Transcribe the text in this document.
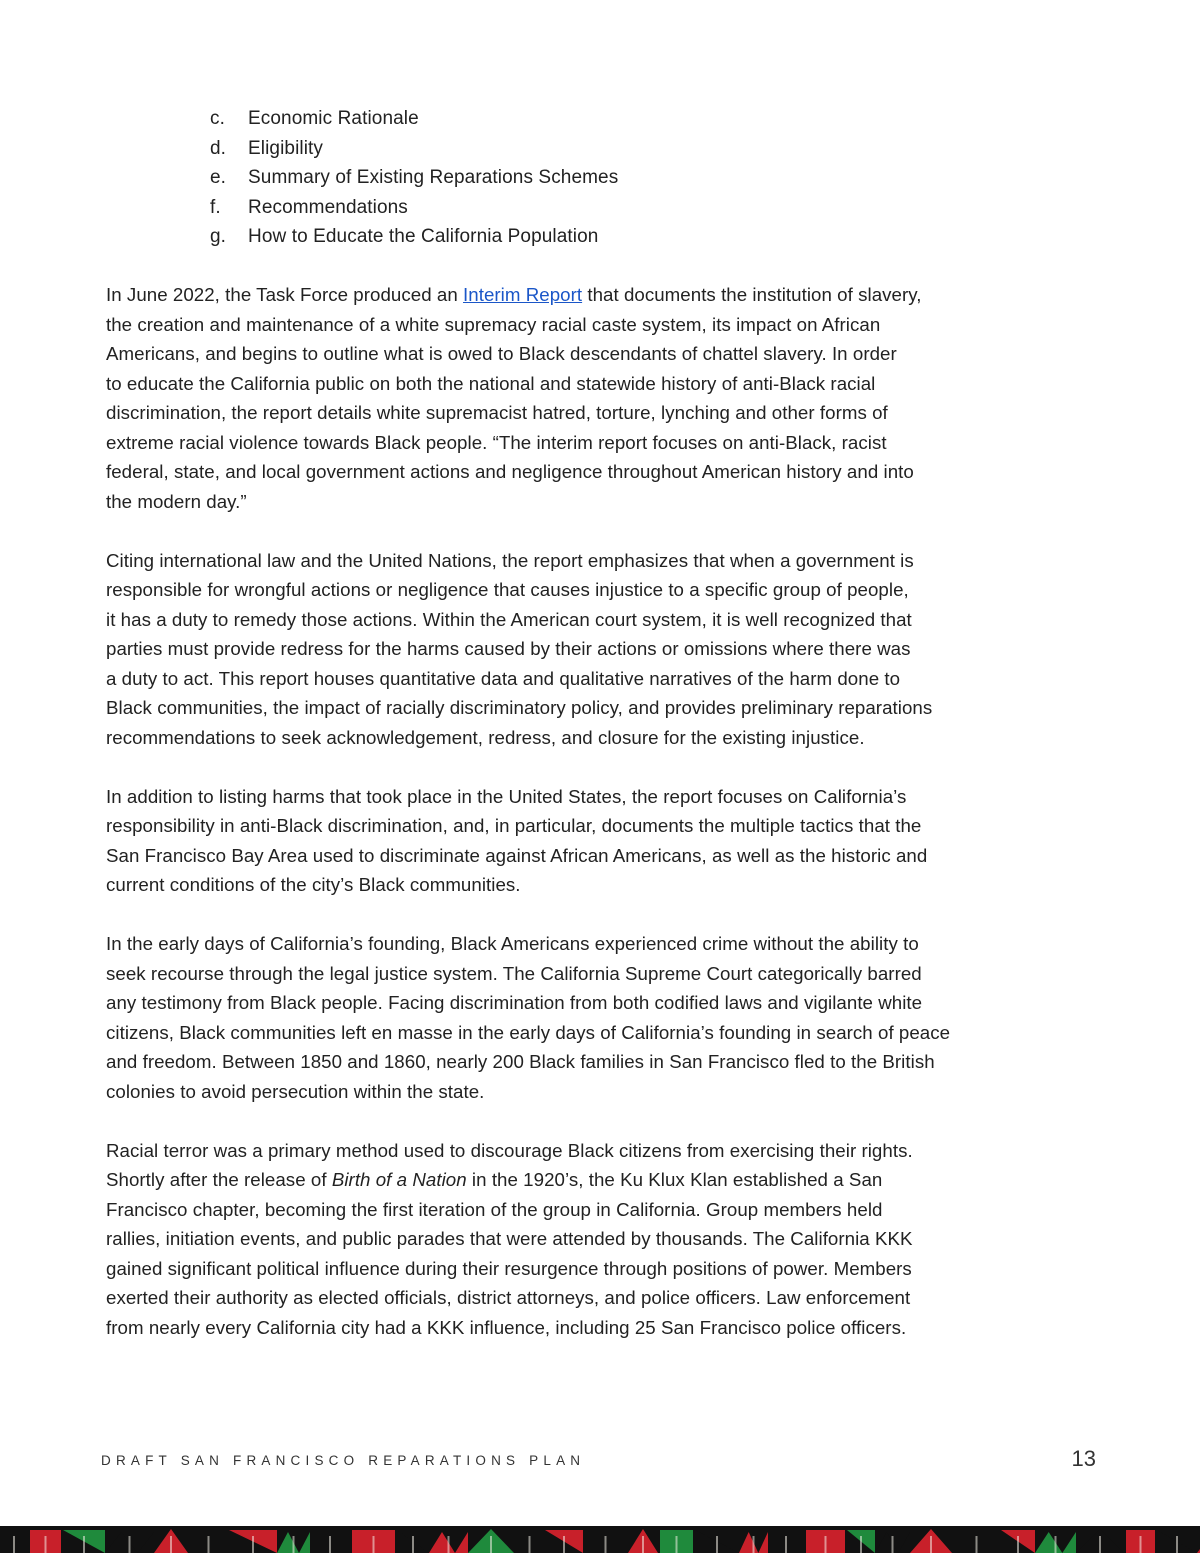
c.	Economic Rationale
d.	Eligibility
e.	Summary of Existing Reparations Schemes
f.	Recommendations
g.	How to Educate the California Population

In June 2022, the Task Force produced an Interim Report that documents the institution of slavery,
the creation and maintenance of a white supremacy racial caste system, its impact on African
Americans, and begins to outline what is owed to Black descendants of chattel slavery. In order
to educate the California public on both the national and statewide history of anti-Black racial
discrimination, the report details white supremacist hatred, torture, lynching and other forms of
extreme racial violence towards Black people. “The interim report focuses on anti-Black, racist
federal, state, and local government actions and negligence throughout American history and into
the modern day.”

Citing international law and the United Nations, the report emphasizes that when a government is
responsible for wrongful actions or negligence that causes injustice to a specific group of people,
it has a duty to remedy those actions. Within the American court system, it is well recognized that
parties must provide redress for the harms caused by their actions or omissions where there was
a duty to act. This report houses quantitative data and qualitative narratives of the harm done to
Black communities, the impact of racially discriminatory policy, and provides preliminary reparations
recommendations to seek acknowledgement, redress, and closure for the existing injustice.

In addition to listing harms that took place in the United States, the report focuses on California’s
responsibility in anti-Black discrimination, and, in particular, documents the multiple tactics that the
San Francisco Bay Area used to discriminate against African Americans, as well as the historic and
current conditions of the city’s Black communities.

In the early days of California’s founding, Black Americans experienced crime without the ability to
seek recourse through the legal justice system. The California Supreme Court categorically barred
any testimony from Black people. Facing discrimination from both codified laws and vigilante white
citizens, Black communities left en masse in the early days of California’s founding in search of peace
and freedom. Between 1850 and 1860, nearly 200 Black families in San Francisco fled to the British
colonies to avoid persecution within the state.

Racial terror was a primary method used to discourage Black citizens from exercising their rights.
Shortly after the release of Birth of a Nation in the 1920’s, the Ku Klux Klan established a San
Francisco chapter, becoming the first iteration of the group in California. Group members held
rallies, initiation events, and public parades that were attended by thousands. The California KKK
gained significant political influence during their resurgence through positions of power. Members
exerted their authority as elected officials, district attorneys, and police officers. Law enforcement
from nearly every California city had a KKK influence, including 25 San Francisco police officers.

DRAFT SAN FRANCISCO REPARATIONS PLAN	13
